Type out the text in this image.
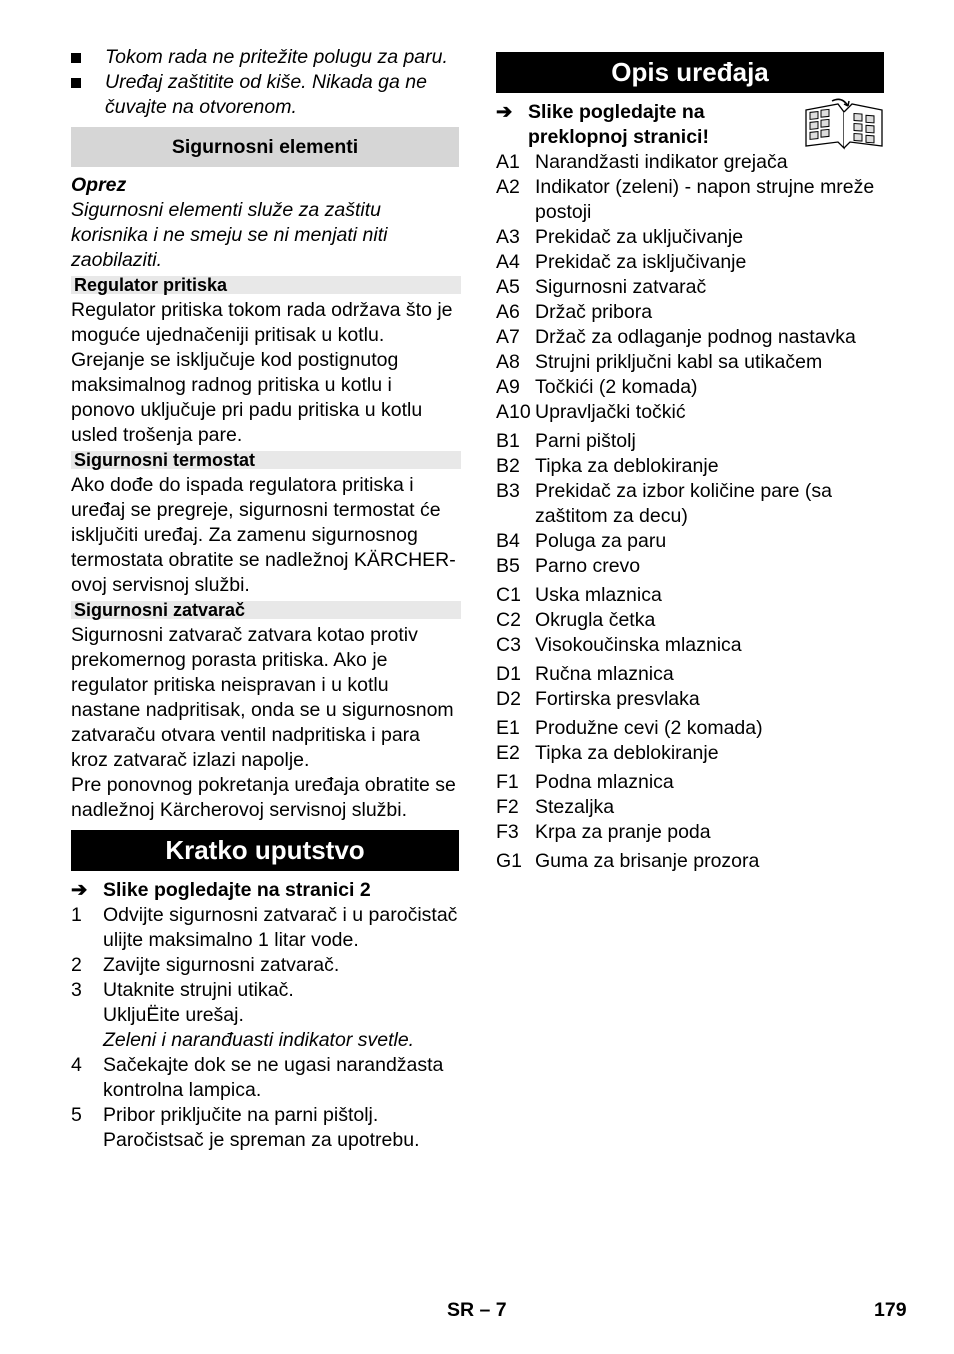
Tokom rada ne pritežite polugu za paru.

Uređaj zaštitite od kiše. Nikada ga ne čuvajte na otvorenom.

Sigurnosni elementi

Oprez

Sigurnosni elementi služe za zaštitu korisnika i ne smeju se ni menjati niti zaobilaziti.

Regulator pritiska

Regulator pritiska tokom rada održava što je moguće ujednačeniji pritisak u kotlu. Grejanje se isključuje kod postignutog maksimalnog radnog pritiska u kotlu i ponovo uključuje pri padu pritiska u kotlu usled trošenja pare.

Sigurnosni termostat

Ako dođe do ispada regulatora pritiska i uređaj se pregreje, sigurnosni termostat će isključiti uređaj. Za zamenu sigurnosnog termostata obratite se nadležnoj KÄRCHER-ovoj servisnoj službi.

Sigurnosni zatvarač

Sigurnosni zatvarač zatvara kotao protiv prekomernog porasta pritiska. Ako je regulator pritiska neispravan i u kotlu nastane nadpritisak, onda se u sigurnosnom zatvaraču otvara ventil nadpritiska i para kroz zatvarač izlazi napolje.

Pre ponovnog pokretanja uređaja obratite se nadležnoj Kärcherovoj servisnoj službi.

Kratko uputstvo
➔ Slike pogledajte na stranici 2
1	Odvijte sigurnosni zatvarač i u paročistač ulijte maksimalno 1 litar vode.

2	Zavijte sigurnosni zatvarač.

3	Utaknite strujni utikač.

UkljuËite urešaj.

Zeleni i naranđuasti indikator svetle.

4	Sačekajte dok se ne ugasi narandžasta kontrolna lampica.

5	Pribor priključite na parni pištolj.

Paročistsač je spreman za upotrebu.

Opis uređaja
➔ Slike pogledajte na preklopnoj stranici!
A1 Narandžasti indikator grejača
A2 Indikator (zeleni) - napon strujne mreže postoji
A3 Prekidač za uključivanje
A4 Prekidač za isključivanje
A5 Sigurnosni zatvarač
A6 Držač pribora
A7 Držač za odlaganje podnog nastavka
A8 Strujni priključni kabl sa utikačem
A9 Točkići (2 komada)
A10 Upravljački točkić
B1 Parni pištolj
B2 Tipka za deblokiranje
B3 Prekidač za izbor količine pare (sa zaštitom za decu)
B4 Poluga za paru
B5 Parno crevo
C1 Uska mlaznica
C2 Okrugla četka
C3 Visokoučinska mlaznica
D1 Ručna mlaznica
D2 Fortirska presvlaka
E1 Produžne cevi (2 komada)
E2 Tipka za deblokiranje
F1 Podna mlaznica
F2 Stezaljka
F3 Krpa za pranje poda
G1 Guma za brisanje prozora
SR – 7	179
